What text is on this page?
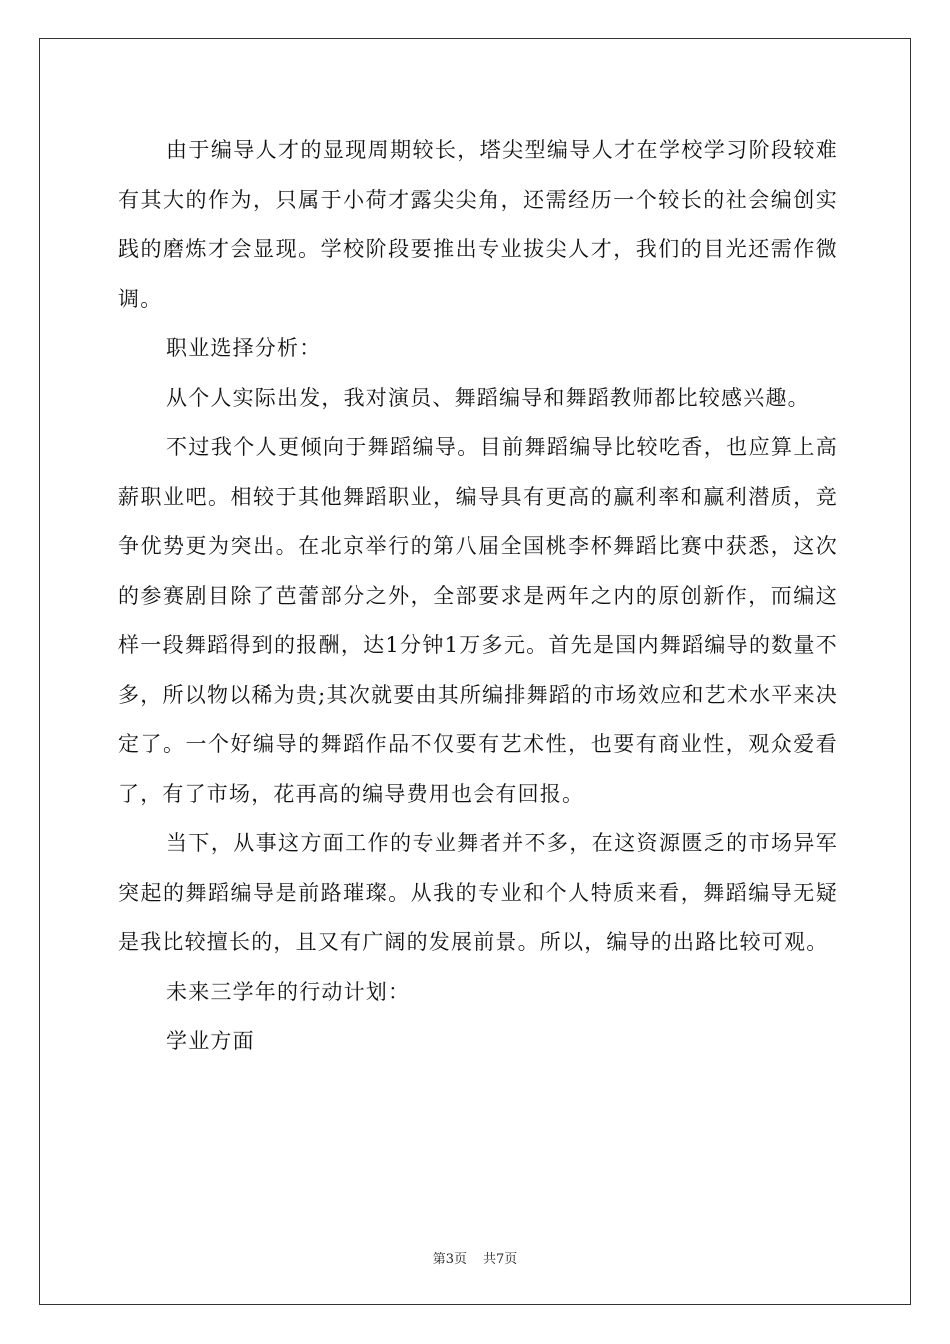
由于编导人才的显现周期较长，塔尖型编导人才在学校学习阶段较难有其大的作为，只属于小荷才露尖尖角，还需经历一个较长的社会编创实践的磨炼才会显现。学校阶段要推出专业拔尖人才，我们的目光还需作微调。

职业选择分析：

从个人实际出发，我对演员、舞蹈编导和舞蹈教师都比较感兴趣。

不过我个人更倾向于舞蹈编导。目前舞蹈编导比较吃香，也应算上高薪职业吧。相较于其他舞蹈职业，编导具有更高的赢利率和赢利潜质，竞争优势更为突出。在北京举行的第八届全国桃李杯舞蹈比赛中获悉，这次的参赛剧目除了芭蕾部分之外，全部要求是两年之内的原创新作，而编这样一段舞蹈得到的报酬，达1分钟1万多元。首先是国内舞蹈编导的数量不多，所以物以稀为贵;其次就要由其所编排舞蹈的市场效应和艺术水平来决定了。一个好编导的舞蹈作品不仅要有艺术性，也要有商业性，观众爱看了，有了市场，花再高的编导费用也会有回报。

当下，从事这方面工作的专业舞者并不多，在这资源匮乏的市场异军突起的舞蹈编导是前路璀璨。从我的专业和个人特质来看，舞蹈编导无疑是我比较擅长的，且又有广阔的发展前景。所以，编导的出路比较可观。

未来三学年的行动计划：

学业方面

第3页 共7页
